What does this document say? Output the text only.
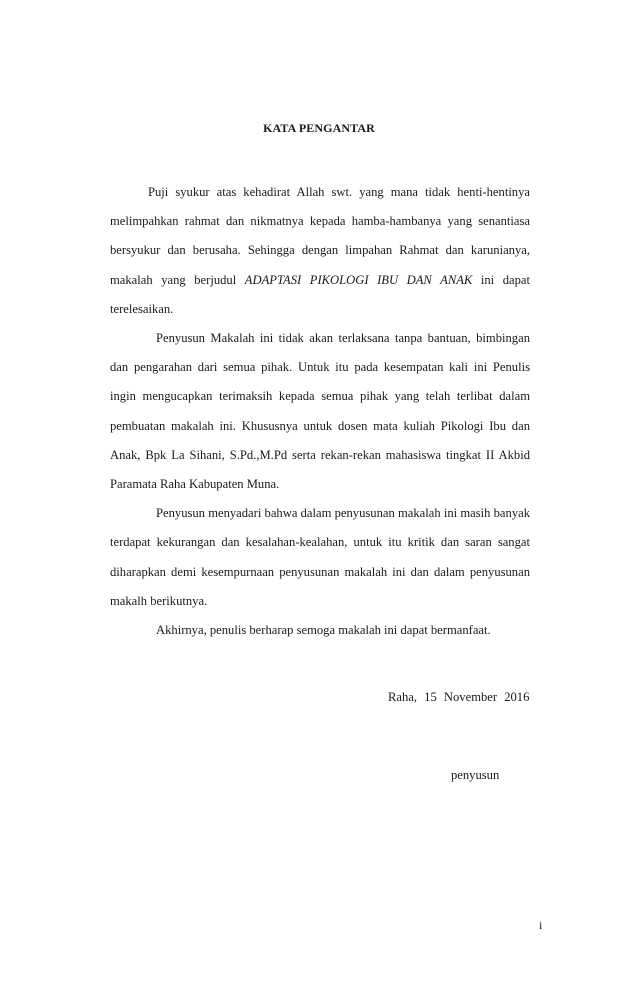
KATA PENGANTAR

Puji syukur atas kehadirat Allah swt. yang mana tidak henti-hentinya melimpahkan rahmat dan nikmatnya kepada hamba-hambanya yang senantiasa bersyukur dan berusaha. Sehingga dengan limpahan Rahmat dan karunianya, makalah yang berjudul ADAPTASI PIKOLOGI IBU DAN ANAK ini dapat terelesaikan.

Penyusun Makalah ini tidak akan terlaksana tanpa bantuan, bimbingan dan pengarahan dari semua pihak. Untuk itu pada kesempatan kali ini Penulis ingin mengucapkan terimaksih kepada semua pihak yang telah terlibat dalam pembuatan makalah ini. Khususnya untuk dosen mata kuliah Pikologi Ibu dan Anak, Bpk La Sihani, S.Pd.,M.Pd serta rekan-rekan mahasiswa tingkat II Akbid Paramata Raha Kabupaten Muna.

Penyusun menyadari bahwa dalam penyusunan makalah ini masih banyak terdapat kekurangan dan kesalahan-kealahan, untuk itu kritik dan saran sangat diharapkan demi kesempurnaan penyusunan makalah ini dan dalam penyusunan makalh berikutnya.

Akhirnya, penulis berharap semoga makalah ini dapat bermanfaat.

Raha, 15 November 2016
penyusun
i
